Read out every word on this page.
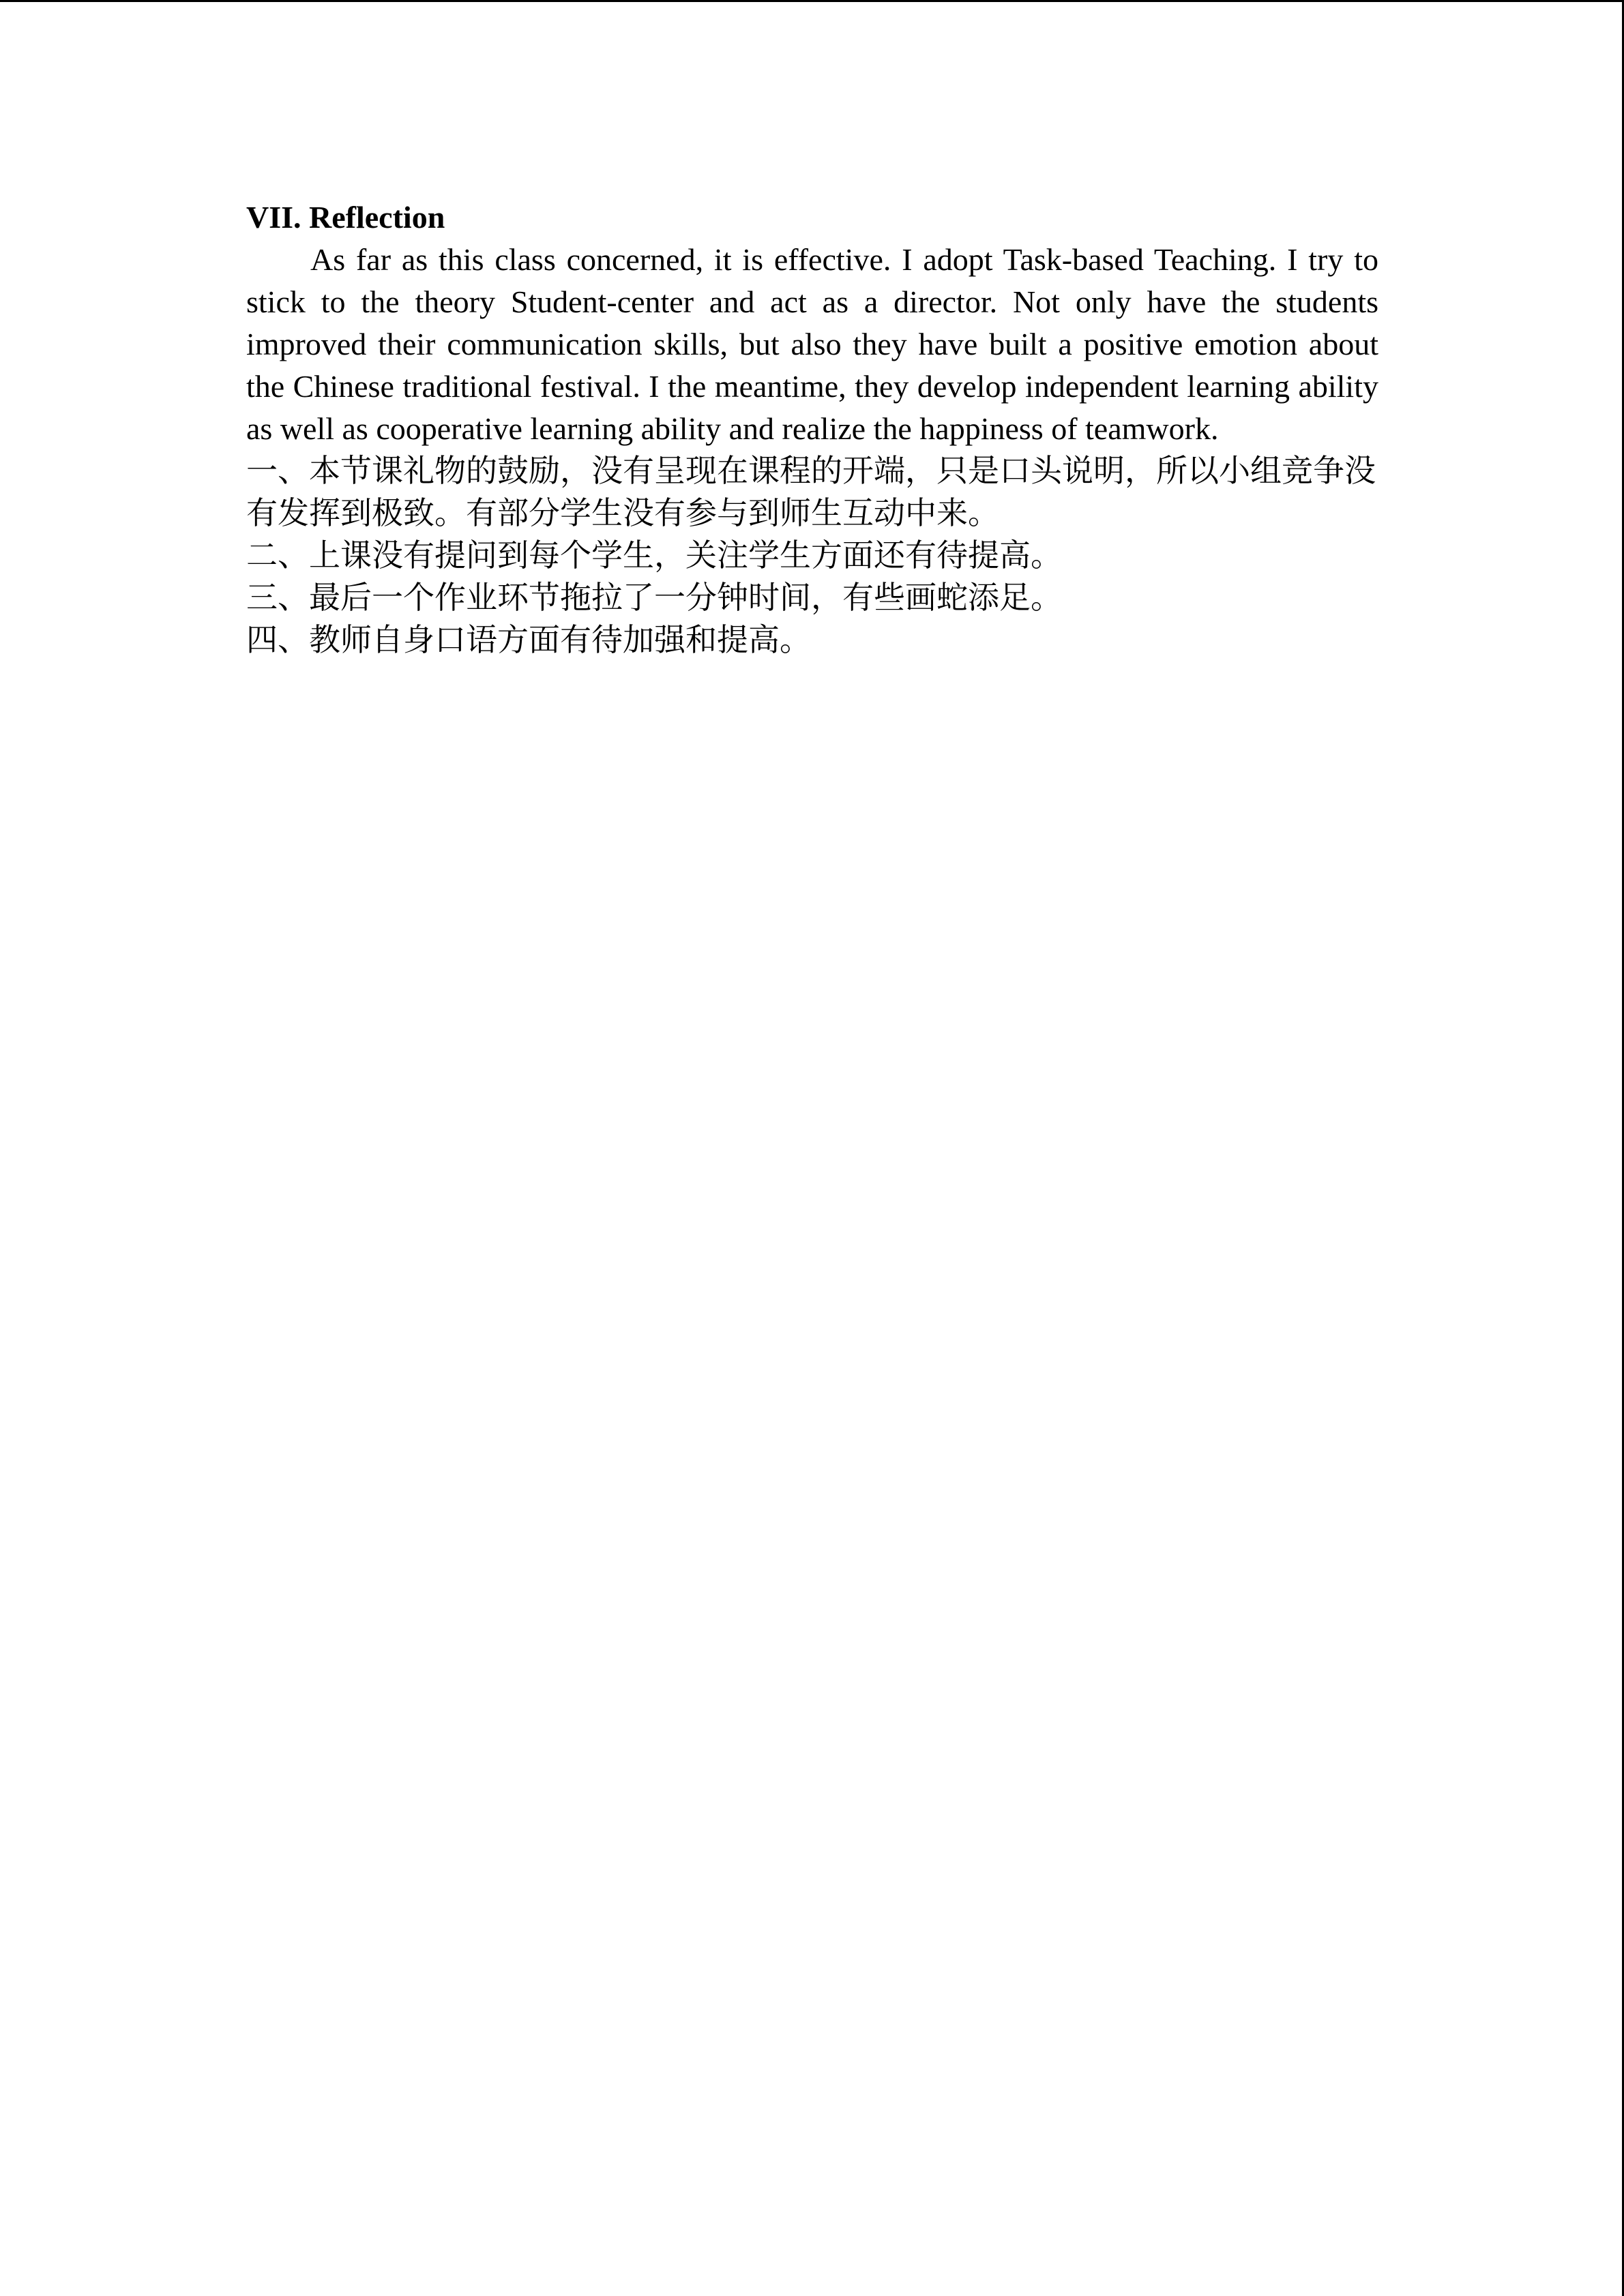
VII. Reflection

As far as this class concerned, it is effective. I adopt Task-based Teaching. I try to stick to the theory Student-center and act as a director. Not only have the students improved their communication skills, but also they have built a positive emotion about the Chinese traditional festival. I the meantime, they develop independent learning ability as well as cooperative learning ability and realize the happiness of teamwork.

一、本节课礼物的鼓励，没有呈现在课程的开端，只是口头说明，所以小组竞争没有发挥到极致。有部分学生没有参与到师生互动中来。
二、上课没有提问到每个学生，关注学生方面还有待提高。
三、最后一个作业环节拖拉了一分钟时间，有些画蛇添足。
四、教师自身口语方面有待加强和提高。
